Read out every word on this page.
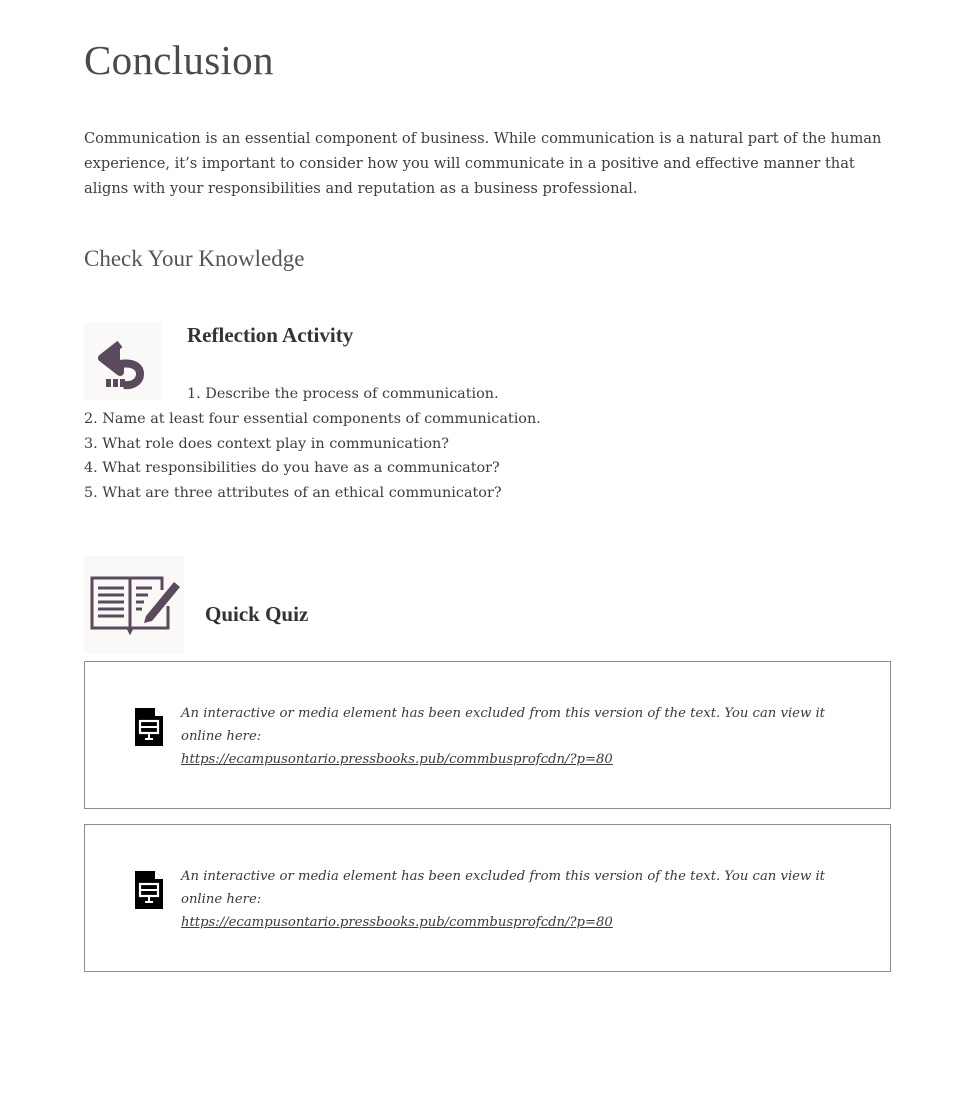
Conclusion

Communication is an essential component of business. While communication is a natural part of the human experience, it’s important to consider how you will communicate in a positive and effective manner that aligns with your responsibilities and reputation as a business professional.

Check Your Knowledge
Reflection Activity
1. Describe the process of communication.
2. Name at least four essential components of communication.
3. What role does context play in communication?
4. What responsibilities do you have as a communicator?
5. What are three attributes of an ethical communicator?
Quick Quiz
An interactive or media element has been excluded from this version of the text. You can view it online here:
https://ecampusontario.pressbooks.pub/commbusprofcdn/?p=80
An interactive or media element has been excluded from this version of the text. You can view it online here:
https://ecampusontario.pressbooks.pub/commbusprofcdn/?p=80
